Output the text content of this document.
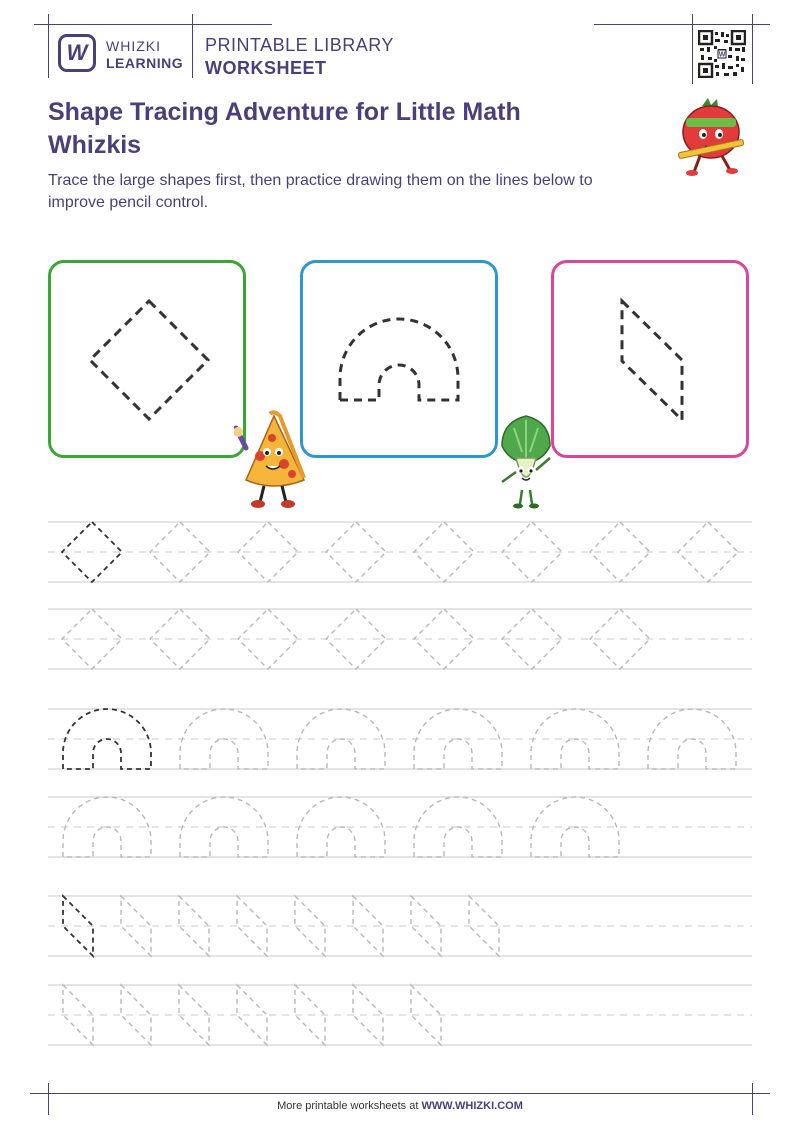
W WHIZKI
LEARNING
PRINTABLE LIBRARY
WORKSHEET
W
Shape Tracing Adventure for Little Math Whizkis

Trace the large shapes first, then practice drawing them on the lines below to improve pencil control.

More printable worksheets at WWW.WHIZKI.COM
